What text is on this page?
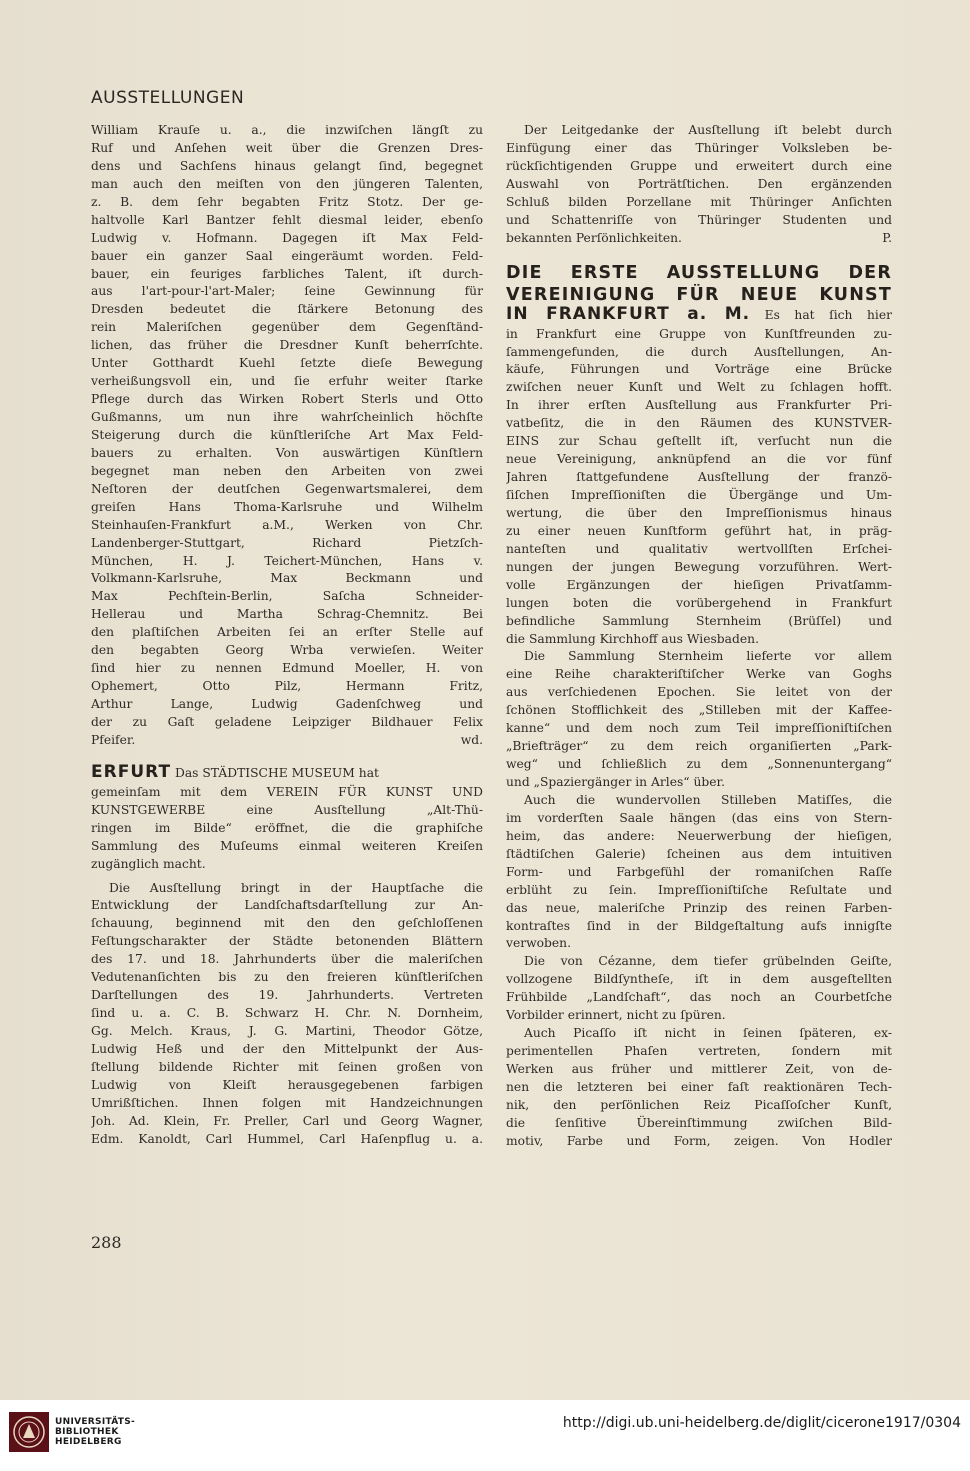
AUSSTELLUNGEN
William Krauſe u. a., die inzwiſchen längſt zu
Ruf und Anſehen weit über die Grenzen Dres-
dens und Sachſens hinaus gelangt ſind, begegnet
man auch den meiſten von den jüngeren Talenten,
z. B. dem ſehr begabten Fritz Stotz. Der ge-
haltvolle Karl Bantzer fehlt diesmal leider, ebenſo
Ludwig v. Hofmann. Dagegen iſt Max Feld-
bauer ein ganzer Saal eingeräumt worden. Feld-
bauer, ein feuriges farbliches Talent, iſt durch-
aus l'art-pour-l'art-Maler; ſeine Gewinnung für
Dresden bedeutet die ſtärkere Betonung des
rein Maleriſchen gegenüber dem Gegenſtänd-
lichen, das früher die Dresdner Kunſt beherrſchte.
Unter Gotthardt Kuehl ſetzte dieſe Bewegung
verheißungsvoll ein, und ſie erfuhr weiter ſtarke
Pflege durch das Wirken Robert Sterls und Otto
Gußmanns, um nun ihre wahrſcheinlich höchſte
Steigerung durch die künſtleriſche Art Max Feld-
bauers zu erhalten. Von auswärtigen Künſtlern
begegnet man neben den Arbeiten von zwei
Neſtoren der deutſchen Gegenwartsmalerei, dem
greiſen Hans Thoma-Karlsruhe und Wilhelm
Steinhauſen-Frankfurt a.M., Werken von Chr.
Landenberger-Stuttgart, Richard Pietzſch-
München, H. J. Teichert-München, Hans v.
Volkmann-Karlsruhe, Max Beckmann und
Max Pechſtein-Berlin, Saſcha Schneider-
Hellerau und Martha Schrag-Chemnitz. Bei
den plaſtiſchen Arbeiten ſei an erſter Stelle auf
den begabten Georg Wrba verwieſen. Weiter
ſind hier zu nennen Edmund Moeller, H. von
Ophemert, Otto Pilz, Hermann Fritz,
Arthur Lange, Ludwig Gadenſchweg und
der zu Gaſt geladene Leipziger Bildhauer Felix
Pfeifer.	wd.
ERFURT Das STÄDTISCHE MUSEUM hat
gemeinſam mit dem VEREIN FÜR KUNST UND
KUNSTGEWERBE eine Ausſtellung „Alt-Thü-
ringen im Bilde“ eröffnet, die die graphiſche
Sammlung des Muſeums einmal weiteren Kreiſen
zugänglich macht.
Die Ausſtellung bringt in der Hauptſache die
Entwicklung der Landſchaftsdarſtellung zur An-
ſchauung, beginnend mit den den geſchloſſenen
Feſtungscharakter der Städte betonenden Blättern
des 17. und 18. Jahrhunderts über die maleriſchen
Vedutenanſichten bis zu den freieren künſtleriſchen
Darſtellungen des 19. Jahrhunderts. Vertreten
ſind u. a. C. B. Schwarz H. Chr. N. Dornheim,
Gg. Melch. Kraus, J. G. Martini, Theodor Götze,
Ludwig Heß und der den Mittelpunkt der Aus-
ſtellung bildende Richter mit ſeinen großen von
Ludwig von Kleiſt herausgegebenen farbigen
Umrißſtichen. Ihnen folgen mit Handzeichnungen
Joh. Ad. Klein, Fr. Preller, Carl und Georg Wagner,
Edm. Kanoldt, Carl Hummel, Carl Haſenpflug u. a.
Der Leitgedanke der Ausſtellung iſt belebt durch
Einfügung einer das Thüringer Volksleben be-
rückſichtigenden Gruppe und erweitert durch eine
Auswahl von Porträtſtichen. Den ergänzenden
Schluß bilden Porzellane mit Thüringer Anſichten
und Schattenriſſe von Thüringer Studenten und
bekannten Perſönlichkeiten.	P.
DIE ERSTE AUSSTELLUNG DER
VEREINIGUNG FÜR NEUE KUNST
IN FRANKFURT a. M. Es hat ſich hier
in Frankfurt eine Gruppe von Kunſtfreunden zu-
ſammengefunden, die durch Ausſtellungen, An-
käufe, Führungen und Vorträge eine Brücke
zwiſchen neuer Kunſt und Welt zu ſchlagen hofft.
In ihrer erſten Ausſtellung aus Frankfurter Pri-
vatbeſitz, die in den Räumen des KUNSTVER-
EINS zur Schau geſtellt iſt, verſucht nun die
neue Vereinigung, anknüpfend an die vor fünf
Jahren ſtattgefundene Ausſtellung der franzö-
ſiſchen Impreſſioniſten die Übergänge und Um-
wertung, die über den Impreſſionismus hinaus
zu einer neuen Kunſtform geführt hat, in präg-
nanteſten und qualitativ wertvollſten Erſchei-
nungen der jungen Bewegung vorzuführen. Wert-
volle Ergänzungen der hieſigen Privatſamm-
lungen boten die vorübergehend in Frankfurt
befindliche Sammlung Sternheim (Brüſſel) und
die Sammlung Kirchhoff aus Wiesbaden.
Die Sammlung Sternheim lieferte vor allem
eine Reihe charakteriſtiſcher Werke van Goghs
aus verſchiedenen Epochen. Sie leitet von der
ſchönen Stofflichkeit des „Stilleben mit der Kaffee-
kanne“ und dem noch zum Teil impreſſioniſtiſchen
„Briefträger“ zu dem reich organiſierten „Park-
weg“ und ſchließlich zu dem „Sonnenuntergang“
und „Spaziergänger in Arles“ über.
Auch die wundervollen Stilleben Matiſſes, die
im vorderſten Saale hängen (das eins von Stern-
heim, das andere: Neuerwerbung der hieſigen,
ſtädtiſchen Galerie) ſcheinen aus dem intuitiven
Form- und Farbgefühl der romaniſchen Raſſe
erblüht zu ſein. Impreſſioniſtiſche Reſultate und
das neue, maleriſche Prinzip des reinen Farben-
kontraſtes ſind in der Bildgeſtaltung aufs innigſte
verwoben.
Die von Cézanne, dem tiefer grübelnden Geiſte,
vollzogene Bildſyntheſe, iſt in dem ausgeſtellten
Frühbilde „Landſchaft“, das noch an Courbetſche
Vorbilder erinnert, nicht zu ſpüren.
Auch Picaſſo iſt nicht in ſeinen ſpäteren, ex-
perimentellen Phaſen vertreten, ſondern mit
Werken aus früher und mittlerer Zeit, von de-
nen die letzteren bei einer faſt reaktionären Tech-
nik, den perſönlichen Reiz Picaſſoſcher Kunſt,
die ſenſitive Übereinſtimmung zwiſchen Bild-
motiv, Farbe und Form, zeigen. Von Hodler
288
UNIVERSITÄTS-
BIBLIOTHEK
HEIDELBERG
http://digi.ub.uni-heidelberg.de/diglit/cicerone1917/0304
